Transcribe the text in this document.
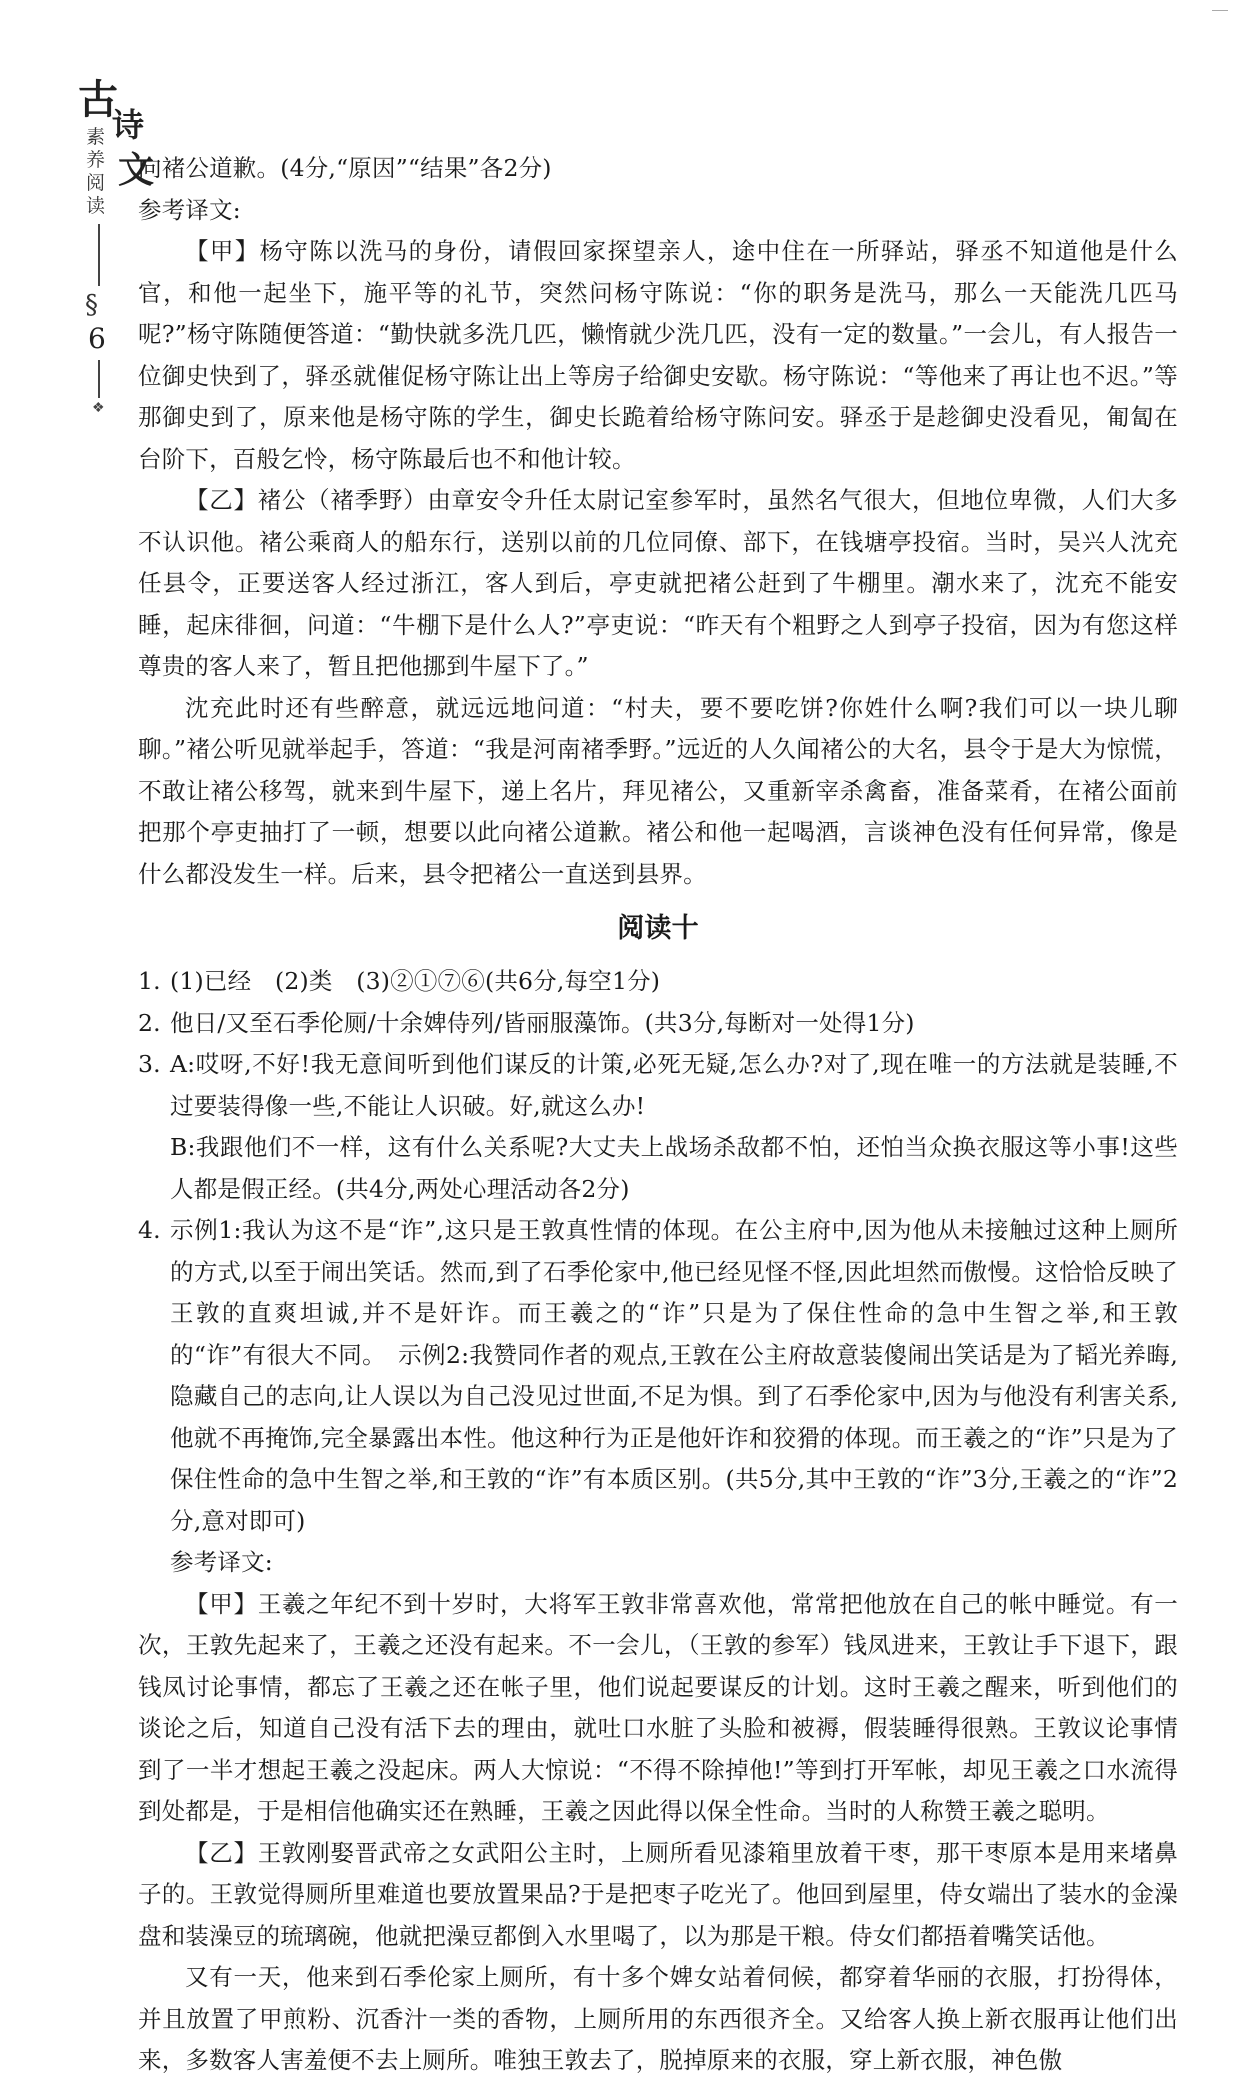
古
诗
文
素养阅读
§
6
❖

向褚公道歉。(4分,“原因”“结果”各2分)

参考译文:

【甲】杨守陈以洗马的身份，请假回家探望亲人，途中住在一所驿站，驿丞不知道他是什么官，和他一起坐下，施平等的礼节，突然问杨守陈说：“你的职务是洗马，那么一天能洗几匹马呢?”杨守陈随便答道：“勤快就多洗几匹，懒惰就少洗几匹，没有一定的数量。”一会儿，有人报告一位御史快到了，驿丞就催促杨守陈让出上等房子给御史安歇。杨守陈说：“等他来了再让也不迟。”等那御史到了，原来他是杨守陈的学生，御史长跪着给杨守陈问安。驿丞于是趁御史没看见，匍匐在台阶下，百般乞怜，杨守陈最后也不和他计较。

【乙】褚公（褚季野）由章安令升任太尉记室参军时，虽然名气很大，但地位卑微，人们大多不认识他。褚公乘商人的船东行，送别以前的几位同僚、部下，在钱塘亭投宿。当时，吴兴人沈充任县令，正要送客人经过浙江，客人到后，亭吏就把褚公赶到了牛棚里。潮水来了，沈充不能安睡，起床徘徊，问道：“牛棚下是什么人?”亭吏说：“昨天有个粗野之人到亭子投宿，因为有您这样尊贵的客人来了，暂且把他挪到牛屋下了。”

沈充此时还有些醉意，就远远地问道：“村夫，要不要吃饼?你姓什么啊?我们可以一块儿聊聊。”褚公听见就举起手，答道：“我是河南褚季野。”远近的人久闻褚公的大名，县令于是大为惊慌，不敢让褚公移驾，就来到牛屋下，递上名片，拜见褚公，又重新宰杀禽畜，准备菜肴，在褚公面前把那个亭吏抽打了一顿，想要以此向褚公道歉。褚公和他一起喝酒，言谈神色没有任何异常，像是什么都没发生一样。后来，县令把褚公一直送到县界。

阅读十
1. (1)已经　(2)类　(3)②①⑦⑥(共6分,每空1分)

2. 他日/又至石季伦厕/十余婢侍列/皆丽服藻饰。(共3分,每断对一处得1分)

3. A:哎呀,不好!我无意间听到他们谋反的计策,必死无疑,怎么办?对了,现在唯一的方法就是装睡,不过要装得像一些,不能让人识破。好,就这么办!

B:我跟他们不一样，这有什么关系呢?大丈夫上战场杀敌都不怕，还怕当众换衣服这等小事!这些人都是假正经。(共4分,两处心理活动各2分)

4. 示例1:我认为这不是“诈”,这只是王敦真性情的体现。在公主府中,因为他从未接触过这种上厕所的方式,以至于闹出笑话。然而,到了石季伦家中,他已经见怪不怪,因此坦然而傲慢。这恰恰反映了王敦的直爽坦诚,并不是奸诈。而王羲之的“诈”只是为了保住性命的急中生智之举,和王敦的“诈”有很大不同。　示例2:我赞同作者的观点,王敦在公主府故意装傻闹出笑话是为了韬光养晦,隐藏自己的志向,让人误以为自己没见过世面,不足为惧。到了石季伦家中,因为与他没有利害关系,他就不再掩饰,完全暴露出本性。他这种行为正是他奸诈和狡猾的体现。而王羲之的“诈”只是为了保住性命的急中生智之举,和王敦的“诈”有本质区别。(共5分,其中王敦的“诈”3分,王羲之的“诈”2分,意对即可)

参考译文:

【甲】王羲之年纪不到十岁时，大将军王敦非常喜欢他，常常把他放在自己的帐中睡觉。有一次，王敦先起来了，王羲之还没有起来。不一会儿，（王敦的参军）钱凤进来，王敦让手下退下，跟钱凤讨论事情，都忘了王羲之还在帐子里，他们说起要谋反的计划。这时王羲之醒来，听到他们的谈论之后，知道自己没有活下去的理由，就吐口水脏了头脸和被褥，假装睡得很熟。王敦议论事情到了一半才想起王羲之没起床。两人大惊说：“不得不除掉他!”等到打开军帐，却见王羲之口水流得到处都是，于是相信他确实还在熟睡，王羲之因此得以保全性命。当时的人称赞王羲之聪明。

【乙】王敦刚娶晋武帝之女武阳公主时，上厕所看见漆箱里放着干枣，那干枣原本是用来堵鼻子的。王敦觉得厕所里难道也要放置果品?于是把枣子吃光了。他回到屋里，侍女端出了装水的金澡盘和装澡豆的琉璃碗，他就把澡豆都倒入水里喝了，以为那是干粮。侍女们都捂着嘴笑话他。

又有一天，他来到石季伦家上厕所，有十多个婢女站着伺候，都穿着华丽的衣服，打扮得体，并且放置了甲煎粉、沉香汁一类的香物，上厕所用的东西很齐全。又给客人换上新衣服再让他们出来，多数客人害羞便不去上厕所。唯独王敦去了，脱掉原来的衣服，穿上新衣服，神色傲
